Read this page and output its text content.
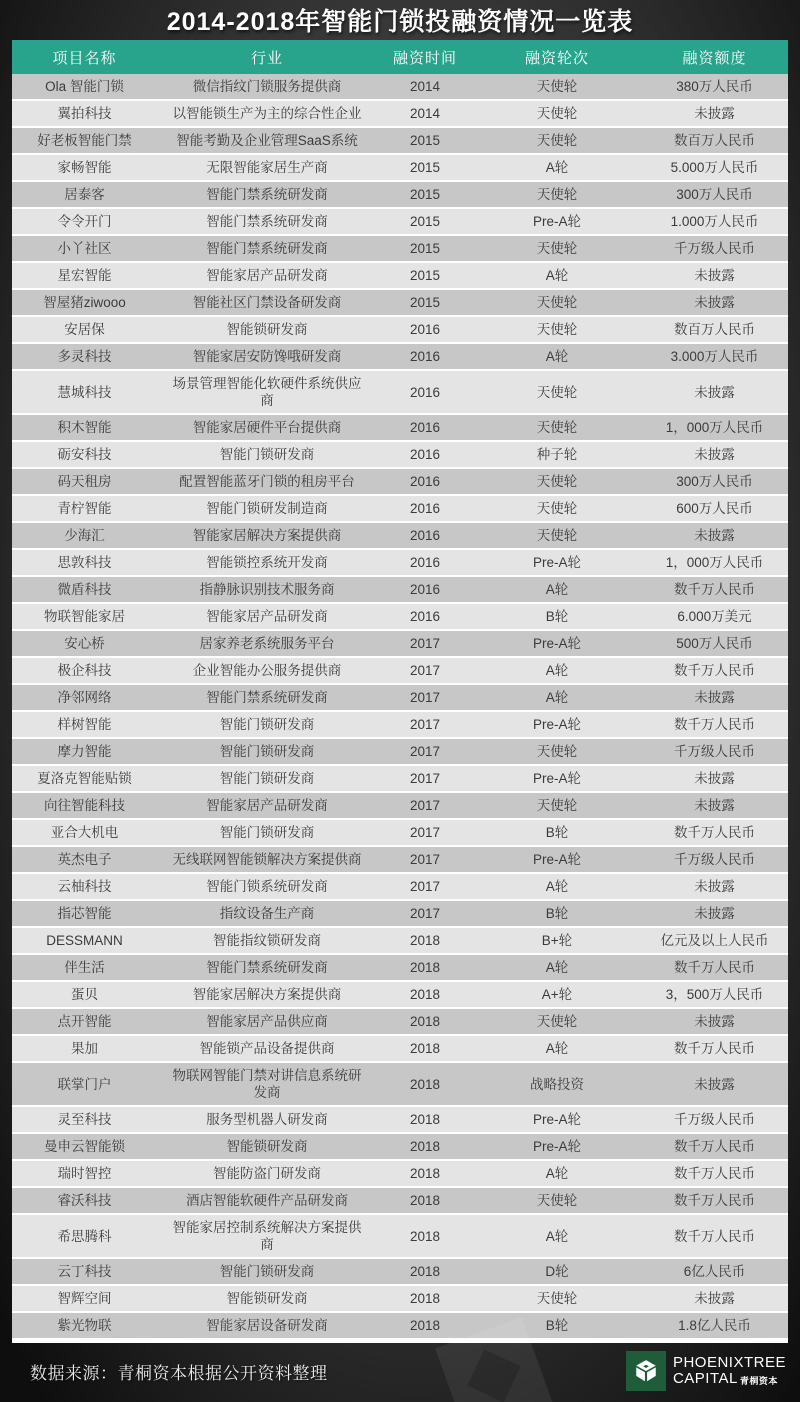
2014-2018年智能门锁投融资情况一览表
项目名称	行业	融资时间	融资轮次	融资额度
Ola 智能门锁	微信指纹门锁服务提供商	2014	天使轮	380万人民币
翼拍科技	以智能锁生产为主的综合性企业	2014	天使轮	未披露
好老板智能门禁	智能考勤及企业管理SaaS系统	2015	天使轮	数百万人民币
家畅智能	无限智能家居生产商	2015	A轮	5.000万人民币
居泰客	智能门禁系统研发商	2015	天使轮	300万人民币
令令开门	智能门禁系统研发商	2015	Pre-A轮	1.000万人民币
小丫社区	智能门禁系统研发商	2015	天使轮	千万级人民币
星宏智能	智能家居产品研发商	2015	A轮	未披露
智屋猪ziwooo	智能社区门禁设备研发商	2015	天使轮	未披露
安居保	智能锁研发商	2016	天使轮	数百万人民币
多灵科技	智能家居安防馋哦研发商	2016	A轮	3.000万人民币
慧城科技	场景管理智能化软硬件系统供应商	2016	天使轮	未披露
积木智能	智能家居硬件平台提供商	2016	天使轮	1，000万人民币
砺安科技	智能门锁研发商	2016	种子轮	未披露
码天租房	配置智能蓝牙门锁的租房平台	2016	天使轮	300万人民币
青柠智能	智能门锁研发制造商	2016	天使轮	600万人民币
少海汇	智能家居解决方案提供商	2016	天使轮	未披露
思敦科技	智能锁控系统开发商	2016	Pre-A轮	1，000万人民币
微盾科技	指静脉识别技术服务商	2016	A轮	数千万人民币
物联智能家居	智能家居产品研发商	2016	B轮	6.000万美元
安心桥	居家养老系统服务平台	2017	Pre-A轮	500万人民币
极企科技	企业智能办公服务提供商	2017	A轮	数千万人民币
净邻网络	智能门禁系统研发商	2017	A轮	未披露
样树智能	智能门锁研发商	2017	Pre-A轮	数千万人民币
摩力智能	智能门锁研发商	2017	天使轮	千万级人民币
夏洛克智能贴锁	智能门锁研发商	2017	Pre-A轮	未披露
向往智能科技	智能家居产品研发商	2017	天使轮	未披露
亚合大机电	智能门锁研发商	2017	B轮	数千万人民币
英杰电子	无线联网智能锁解决方案提供商	2017	Pre-A轮	千万级人民币
云柚科技	智能门锁系统研发商	2017	A轮	未披露
指芯智能	指纹设备生产商	2017	B轮	未披露
DESSMANN	智能指纹锁研发商	2018	B+轮	亿元及以上人民币
伴生活	智能门禁系统研发商	2018	A轮	数千万人民币
蛋贝	智能家居解决方案提供商	2018	A+轮	3，500万人民币
点开智能	智能家居产品供应商	2018	天使轮	未披露
果加	智能锁产品设备提供商	2018	A轮	数千万人民币
联掌门户	物联网智能门禁对讲信息系统研发商	2018	战略投资	未披露
灵至科技	服务型机器人研发商	2018	Pre-A轮	千万级人民币
曼申云智能锁	智能锁研发商	2018	Pre-A轮	数千万人民币
瑞时智控	智能防盗门研发商	2018	A轮	数千万人民币
睿沃科技	酒店智能软硬件产品研发商	2018	天使轮	数千万人民币
希思腾科	智能家居控制系统解决方案提供商	2018	A轮	数千万人民币
云丁科技	智能门锁研发商	2018	D轮	6亿人民币
智辉空间	智能锁研发商	2018	天使轮	未披露
紫光物联	智能家居设备研发商	2018	B轮	1.8亿人民币
数据来源：青桐资本根据公开资料整理
PHOENIXTREE
CAPITAL 青桐资本
